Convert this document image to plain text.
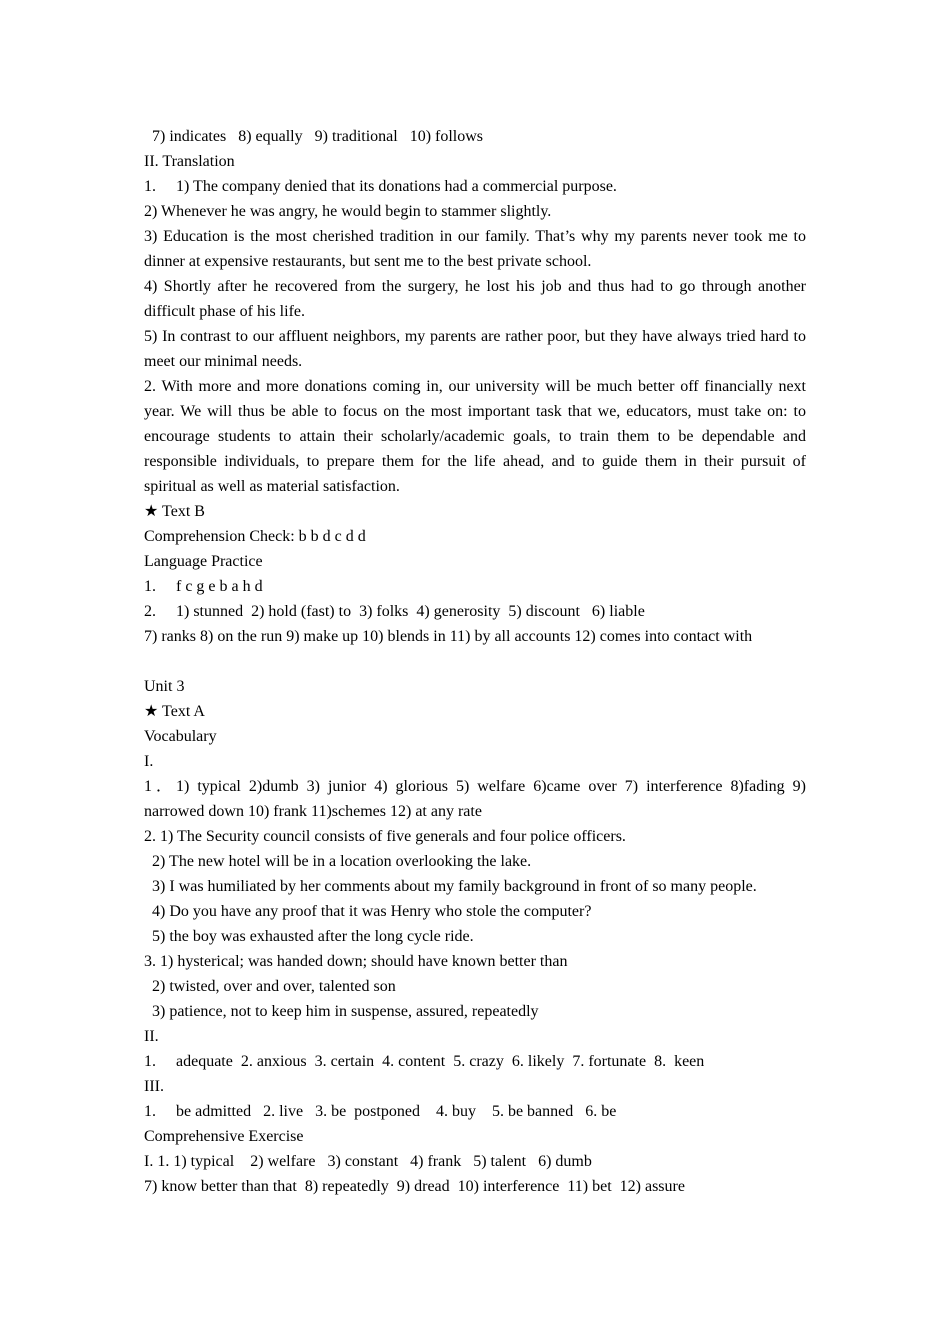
7) indicates   8) equally   9) traditional   10) follows
II. Translation
1.     1) The company denied that its donations had a commercial purpose.
2) Whenever he was angry, he would begin to stammer slightly.
3) Education is the most cherished tradition in our family. That’s why my parents never took me to dinner at expensive restaurants, but sent me to the best private school.
4) Shortly after he recovered from the surgery, he lost his job and thus had to go through another difficult phase of his life.
5) In contrast to our affluent neighbors, my parents are rather poor, but they have always tried hard to meet our minimal needs.
2. With more and more donations coming in, our university will be much better off financially next year. We will thus be able to focus on the most important task that we, educators, must take on: to encourage students to attain their scholarly/academic goals, to train them to be dependable and responsible individuals, to prepare them for the life ahead, and to guide them in their pursuit of spiritual as well as material satisfaction.
★ Text B
Comprehension Check: b b d c d d
Language Practice
1.     f c g e b a h d
2.     1) stunned  2) hold (fast) to  3) folks  4) generosity  5) discount   6) liable
7) ranks 8) on the run 9) make up 10) blends in 11) by all accounts 12) comes into contact with
Unit 3
★ Text A
Vocabulary
I.
1．1) typical 2)dumb 3) junior 4) glorious 5) welfare 6)came over 7) interference 8)fading 9) narrowed down 10) frank 11)schemes 12) at any rate
2. 1) The Security council consists of five generals and four police officers.
2) The new hotel will be in a location overlooking the lake.
3) I was humiliated by her comments about my family background in front of so many people.
4) Do you have any proof that it was Henry who stole the computer?
5) the boy was exhausted after the long cycle ride.
3. 1) hysterical; was handed down; should have known better than
2) twisted, over and over, talented son
3) patience, not to keep him in suspense, assured, repeatedly
II.
1.     adequate  2. anxious  3. certain  4. content  5. crazy  6. likely  7. fortunate  8.  keen
III.
1.     be admitted   2. live   3. be  postponed    4. buy    5. be banned   6. be
Comprehensive Exercise
I. 1. 1) typical    2) welfare   3) constant   4) frank   5) talent   6) dumb
7) know better than that  8) repeatedly  9) dread  10) interference  11) bet  12) assure
